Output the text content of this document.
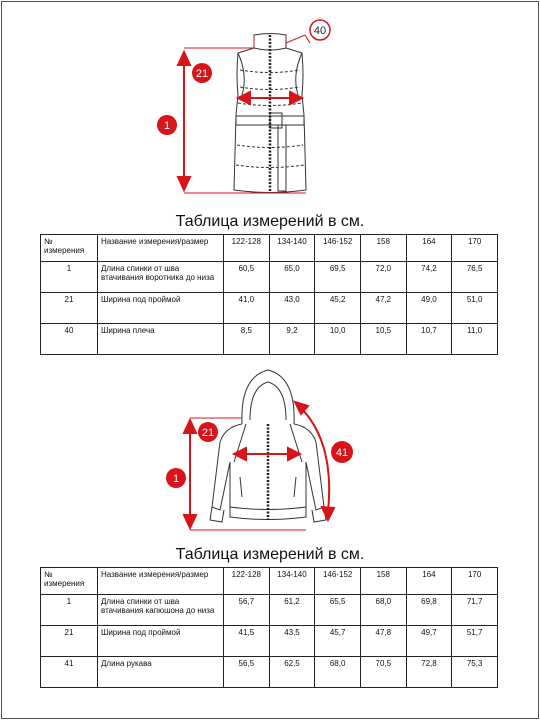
40
21
1
Таблица измерений в см.
№ измерения	Название измерения/размер	122-128	134-140	146-152	158	164	170
1	Длина спинки от шва втачивания воротника до низа	60,5	65,0	69,5	72,0	74,2	76,5
21	Ширина под проймой	41,0	43,0	45,2	47,2	49,0	51,0
40	Ширина плеча	8,5	9,2	10,0	10,5	10,7	11,0
21
1
41
Таблица измерений в см.
№ измерения	Название измерения/размер	122-128	134-140	146-152	158	164	170
1	Длина спинки от шва втачивания капюшона до низа	56,7	61,2	65,5	68,0	69,8	71,7
21	Ширина под проймой	41,5	43,5	45,7	47,8	49,7	51,7
41	Длина рукава	56,5	62,5	68,0	70,5	72,8	75,3
